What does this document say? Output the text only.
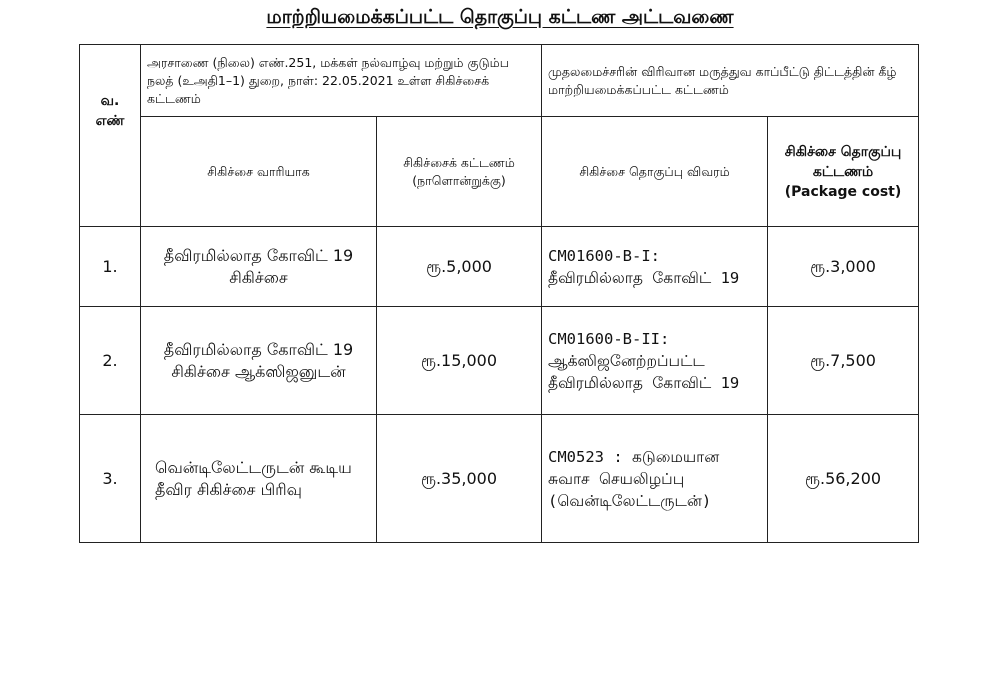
மாற்றியமைக்கப்பட்ட தொகுப்பு கட்டண அட்டவணை
வ. எண்	அரசாணை (நிலை) எண்.251, மக்கள் நல்வாழ்வு மற்றும் குடும்ப நலத் (உஅதி1–1) துறை, நாள்: 22.05.2021 உள்ள சிகிச்சைக் கட்டணம்		முதலமைச்சரின் விரிவான மருத்துவ காப்பீட்டு திட்டத்தின் கீழ் மாற்றியமைக்கப்பட்ட கட்டணம்	
	சிகிச்சை வாரியாக	சிகிச்சைக் கட்டணம் (நாளொன்றுக்கு)	சிகிச்சை தொகுப்பு விவரம்	சிகிச்சை தொகுப்பு கட்டணம்
(Package cost)

1.	தீவிரமில்லாத கோவிட் 19 சிகிச்சை	ரூ.5,000	CM01600-B-I: தீவிரமில்லாத கோவிட் 19	ரூ.3,000
2.	தீவிரமில்லாத கோவிட் 19 சிகிச்சை ஆக்ஸிஜனுடன்	ரூ.15,000	CM01600-B-II: ஆக்ஸிஜனேற்றப்பட்ட தீவிரமில்லாத கோவிட் 19	ரூ.7,500
3.	வென்டிலேட்டருடன் கூடிய தீவிர சிகிச்சை பிரிவு	ரூ.35,000	CM0523 : கடுமையான சுவாச செயலிழப்பு (வென்டிலேட்டருடன்)	ரூ.56,200
